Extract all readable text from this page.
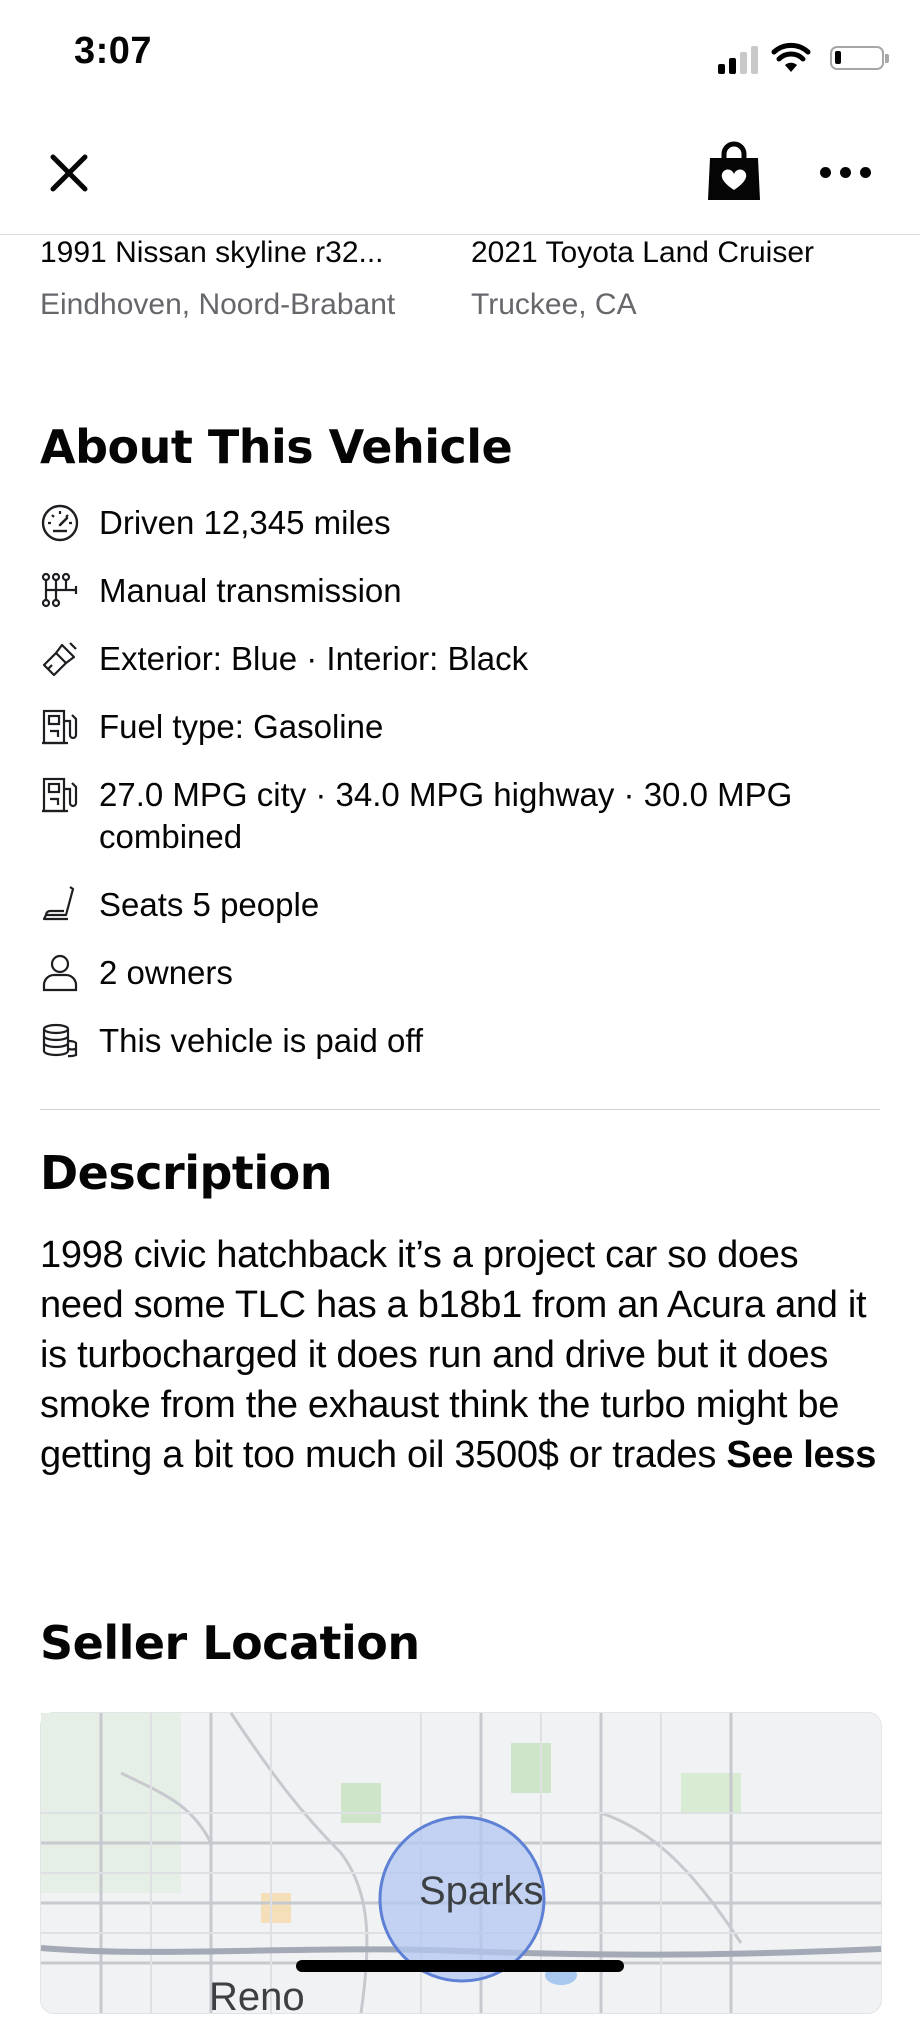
3:07
1991 Nissan skyline r32...
Eindhoven, Noord-Brabant
2021 Toyota Land Cruiser
Truckee, CA
About This Vehicle
Driven 12,345 miles
Manual transmission
Exterior: Blue · Interior: Black
Fuel type: Gasoline
27.0 MPG city · 34.0 MPG highway · 30.0 MPG combined
Seats 5 people
2 owners
This vehicle is paid off
Description
1998 civic hatchback it’s a project car so does need some TLC has a b18b1 from an Acura and it is turbocharged it does run and drive but it does smoke from the exhaust think the turbo might be getting a bit too much oil 3500$ or trades See less
Seller Location
Sparks
Reno
